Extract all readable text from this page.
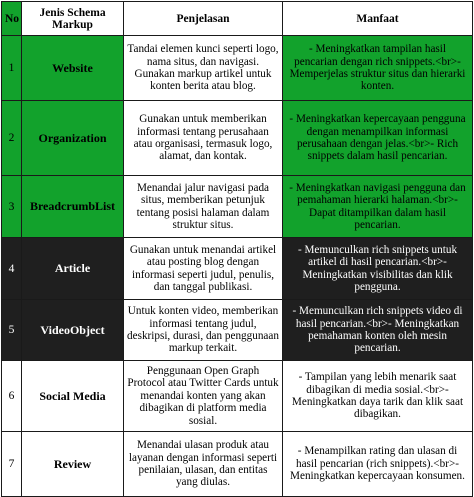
No	Jenis Schema Markup	Penjelasan	Manfaat
1	Website	Tandai elemen kunci seperti logo, nama situs, dan navigasi. Gunakan markup artikel untuk konten berita atau blog.	- Meningkatkan tampilan hasil pencarian dengan rich snippets.<br>- Memperjelas struktur situs dan hierarki konten.
2	Organization	Gunakan untuk memberikan informasi tentang perusahaan atau organisasi, termasuk logo, alamat, dan kontak.	- Meningkatkan kepercayaan pengguna dengan menampilkan informasi perusahaan dengan jelas.<br>- Rich snippets dalam hasil pencarian.
3	BreadcrumbList	Menandai jalur navigasi pada situs, memberikan petunjuk tentang posisi halaman dalam struktur situs.	- Meningkatkan navigasi pengguna dan pemahaman hierarki halaman.<br>- Dapat ditampilkan dalam hasil pencarian.
4	Article	Gunakan untuk menandai artikel atau posting blog dengan informasi seperti judul, penulis, dan tanggal publikasi.	- Memunculkan rich snippets untuk artikel di hasil pencarian.<br>- Meningkatkan visibilitas dan klik pengguna.
5	VideoObject	Untuk konten video, memberikan informasi tentang judul, deskripsi, durasi, dan penggunaan markup terkait.	- Memunculkan rich snippets video di hasil pencarian.<br>- Meningkatkan pemahaman konten oleh mesin pencarian.
6	Social Media	Penggunaan Open Graph Protocol atau Twitter Cards untuk menandai konten yang akan dibagikan di platform media sosial.	- Tampilan yang lebih menarik saat dibagikan di media sosial.<br>- Meningkatkan daya tarik dan klik saat dibagikan.
7	Review	Menandai ulasan produk atau layanan dengan informasi seperti penilaian, ulasan, dan entitas yang diulas.	- Menampilkan rating dan ulasan di hasil pencarian (rich snippets).<br>- Meningkatkan kepercayaan konsumen.
